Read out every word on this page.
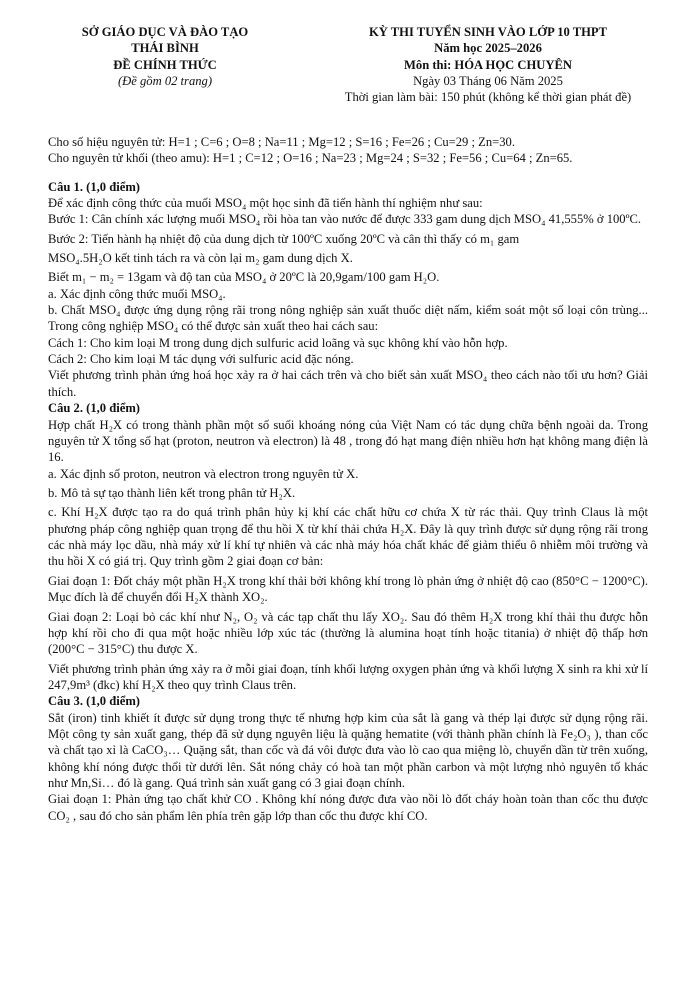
SỞ GIÁO DỤC VÀ ĐÀO TẠO

THÁI BÌNH

ĐỀ CHÍNH THỨC

(Đề gồm 02 trang)

KỲ THI TUYỂN SINH VÀO LỚP 10 THPT

Năm học 2025–2026

Môn thi: HÓA HỌC CHUYÊN

Ngày 03 Tháng 06 Năm 2025

Thời gian làm bài: 150 phút (không kể thời gian phát đề)

Cho số hiệu nguyên tử: H=1 ; C=6 ; O=8 ; Na=11 ; Mg=12 ; S=16 ; Fe=26 ; Cu=29 ; Zn=30.

Cho nguyên tử khối (theo amu): H=1 ; C=12 ; O=16 ; Na=23 ; Mg=24 ; S=32 ; Fe=56 ; Cu=64 ; Zn=65.

Câu 1. (1,0 điểm)

Để xác định công thức của muối MSO₄ một học sinh đã tiến hành thí nghiệm như sau:

Bước 1: Cân chính xác lượng muối MSO₄ rồi hòa tan vào nước để được 333 gam dung dịch MSO₄ 41,555% ở 100ºC.

Bước 2: Tiến hành hạ nhiệt độ của dung dịch từ 100ºC xuống 20ºC và cân thì thấy có m₁ gam

MSO₄.5H₂O kết tinh tách ra và còn lại m₂ gam dung dịch X.

Biết m₁ − m₂ = 13gam và độ tan của MSO₄ ở 20ºC là 20,9gam/100 gam H₂O.

a. Xác định công thức muối MSO₄.

b. Chất MSO₄ được ứng dụng rộng rãi trong nông nghiệp sản xuất thuốc diệt nấm, kiểm soát một số loại côn trùng... Trong công nghiệp MSO₄ có thể được sản xuất theo hai cách sau:

Cách 1: Cho kim loại M trong dung dịch sulfuric acid loãng và sục không khí vào hỗn hợp.

Cách 2: Cho kim loại M tác dụng với sulfuric acid đặc nóng.

Viết phương trình phản ứng hoá học xảy ra ở hai cách trên và cho biết sản xuất MSO₄ theo cách nào tối ưu hơn? Giải thích.

Câu 2. (1,0 điểm)

Hợp chất H₂X có trong thành phần một số suối khoáng nóng của Việt Nam có tác dụng chữa bệnh ngoài da. Trong nguyên tử X tổng số hạt (proton, neutron và electron) là 48 , trong đó hạt mang điện nhiều hơn hạt không mang điện là 16.

a. Xác định số proton, neutron và electron trong nguyên tử X.

b. Mô tả sự tạo thành liên kết trong phân tử H₂X.

c. Khí H₂X được tạo ra do quá trình phân hủy kị khí các chất hữu cơ chứa X từ rác thải. Quy trình Claus là một phương pháp công nghiệp quan trọng để thu hồi X từ khí thải chứa H₂X. Đây là quy trình được sử dụng rộng rãi trong các nhà máy lọc dầu, nhà máy xử lí khí tự nhiên và các nhà máy hóa chất khác để giảm thiểu ô nhiễm môi trường và thu hồi X có giá trị. Quy trình gồm 2 giai đoạn cơ bản:

Giai đoạn 1: Đốt cháy một phần H₂X trong khí thải bởi không khí trong lò phản ứng ở nhiệt độ cao (850°C − 1200°C). Mục đích là để chuyển đổi H₂X thành XO₂.

Giai đoạn 2: Loại bỏ các khí như N₂, O₂ và các tạp chất thu lấy XO₂. Sau đó thêm H₂X trong khí thải thu được hỗn hợp khí rồi cho đi qua một hoặc nhiều lớp xúc tác (thường là alumina hoạt tính hoặc titania) ở nhiệt độ thấp hơn (200°C − 315°C) thu được X.

Viết phương trình phản ứng xảy ra ở mỗi giai đoạn, tính khối lượng oxygen phản ứng và khối lượng X sinh ra khi xử lí 247,9m³ (đkc) khí H₂X theo quy trình Claus trên.

Câu 3. (1,0 điểm)

Sắt (iron) tinh khiết ít được sử dụng trong thực tế nhưng hợp kim của sắt là gang và thép lại được sử dụng rộng rãi. Một công ty sản xuất gang, thép đã sử dụng nguyên liệu là quặng hematite (với thành phần chính là Fe₂O₃ ), than cốc và chất tạo xỉ là CaCO₃… Quặng sắt, than cốc và đá vôi được đưa vào lò cao qua miệng lò, chuyển dần từ trên xuống, không khí nóng được thổi từ dưới lên. Sắt nóng chảy có hoà tan một phần carbon và một lượng nhỏ nguyên tố khác như Mn,Si… đó là gang. Quá trình sản xuất gang có 3 giai đoạn chính.

Giai đoạn 1: Phản ứng tạo chất khử CO . Không khí nóng được đưa vào nồi lò đốt cháy hoàn toàn than cốc thu được CO₂ , sau đó cho sản phẩm lên phía trên gặp lớp than cốc thu được khí CO.
